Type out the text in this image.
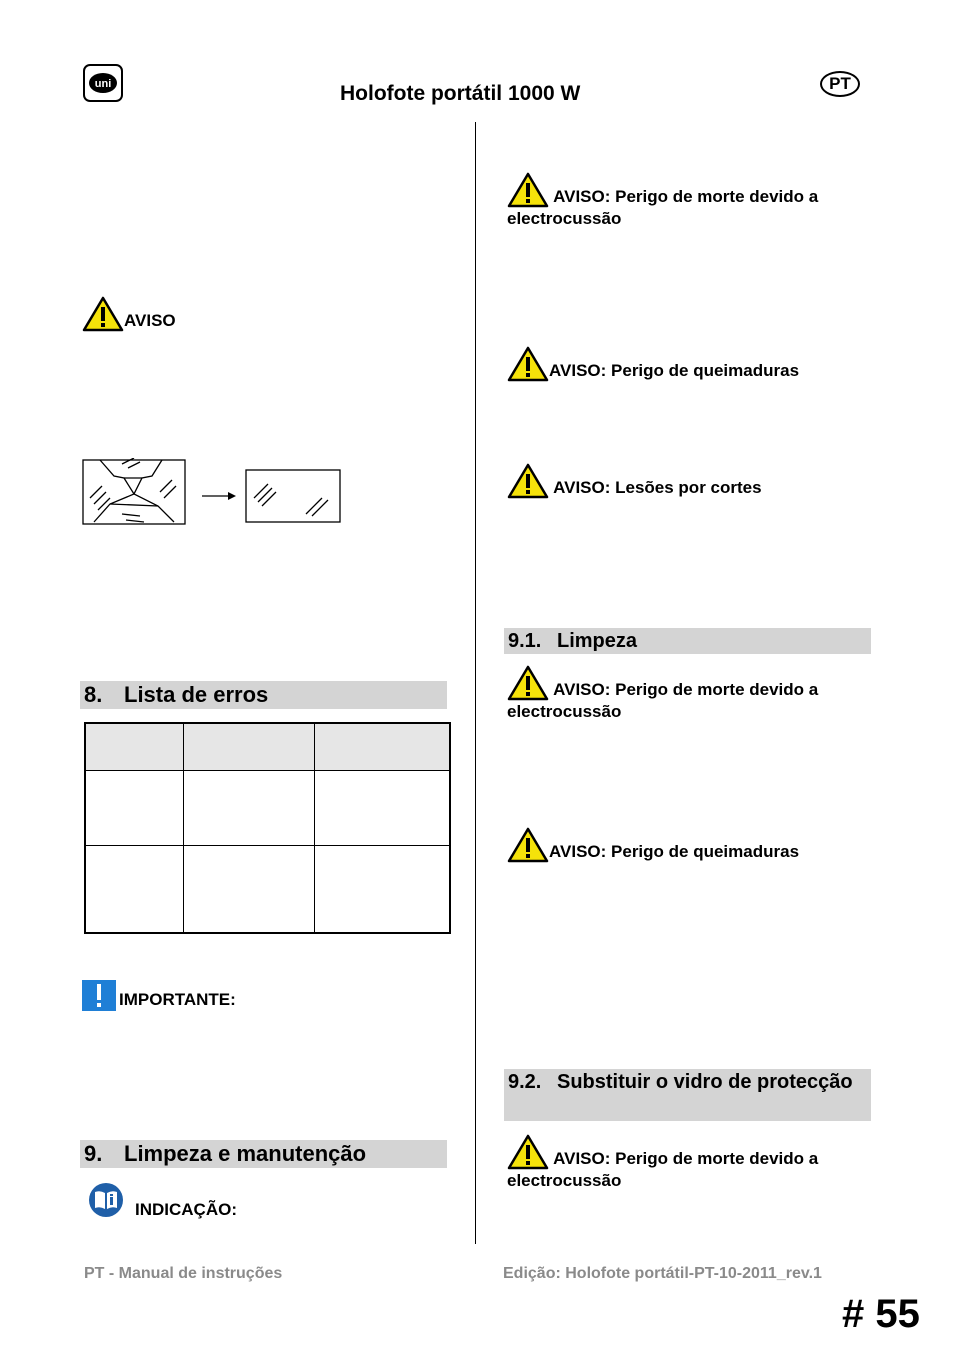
uni	Holofote portátil 1000 W	PT
AVISO
8. Lista de erros

IMPORTANTE:
9. Limpeza e manutenção
INDICAÇÃO:
AVISO: Perigo de morte devido a electrocussão
AVISO: Perigo de queimaduras
AVISO: Lesões por cortes
9.1. Limpeza
AVISO: Perigo de morte devido a electrocussão
AVISO: Perigo de queimaduras
9.2. Substituir o vidro de protecção
AVISO: Perigo de morte devido a electrocussão
PT - Manual de instruções	Edição: Holofote portátil-PT-10-2011_rev.1
# 55
